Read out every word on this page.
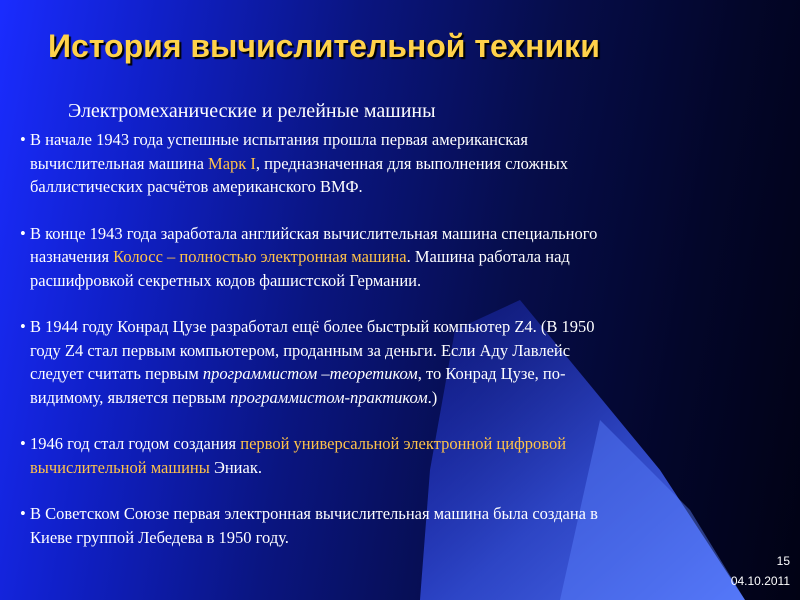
История вычислительной техники
Электромеханические и релейные машины
• В начале 1943 года успешные испытания прошла первая американская
вычислительная машина Марк I, предназначенная для выполнения сложных
баллистических расчётов американского ВМФ.
• В конце 1943 года заработала английская вычислительная машина специального
назначения Колосс – полностью электронная машина. Машина работала над
расшифровкой секретных кодов фашистской Германии.
• В 1944 году Конрад Цузе разработал ещё более быстрый компьютер Z4. (В 1950
году Z4 стал первым компьютером, проданным за деньги. Если Аду Лавлейс
следует считать первым программистом –теоретиком, то Конрад Цузе, по-
видимому, является первым программистом-практиком.)
• 1946 год стал годом создания первой универсальной электронной цифровой
вычислительной машины Эниак.
• В Советском Союзе первая электронная вычислительная машина была создана в
Киеве группой Лебедева в 1950 году.
15
04.10.2011
